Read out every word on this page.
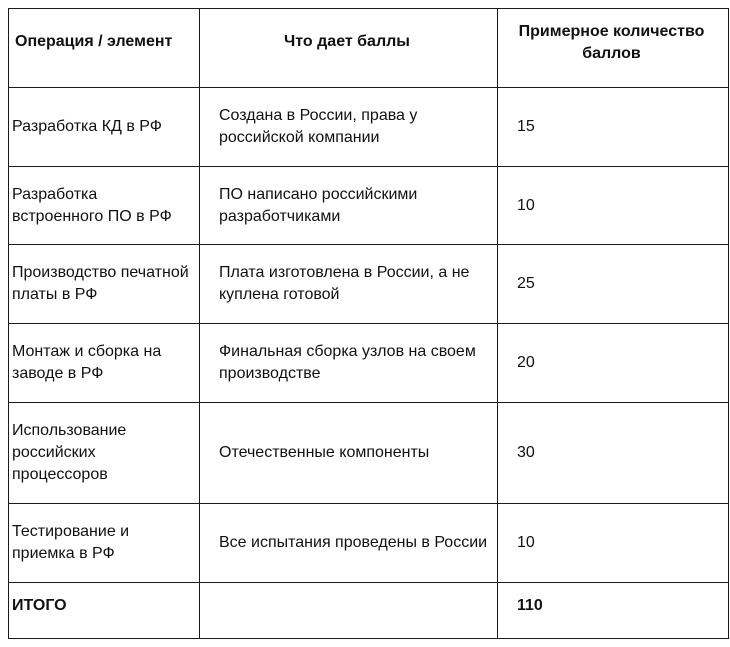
Операция / элемент	Что дает баллы	Примерное количество баллов
Разработка КД в РФ	Создана в России, права у российской компании	15
Разработка встроенного ПО в РФ	ПО написано российскими разработчиками	10
Производство печатной платы в РФ	Плата изготовлена в России, а не куплена готовой	25
Монтаж и сборка на заводе в РФ	Финальная сборка узлов на своем производстве	20
Использование российских процессоров	Отечественные компоненты	30
Тестирование и приемка в РФ	Все испытания проведены в России	10
ИТОГО		110
